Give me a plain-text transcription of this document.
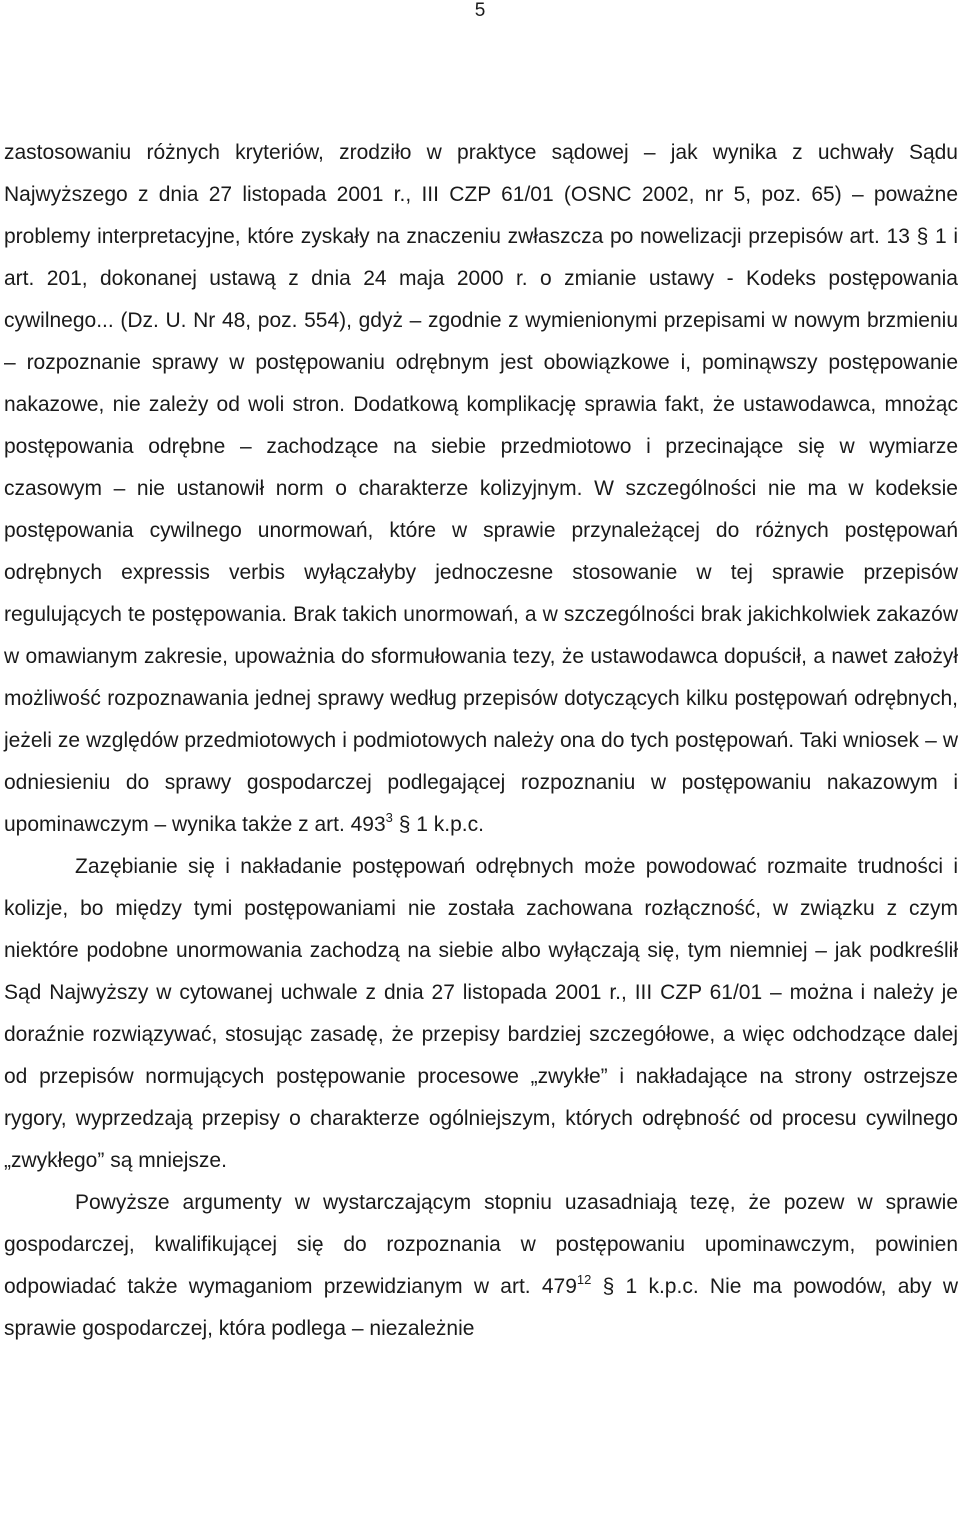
5

zastosowaniu różnych kryteriów, zrodziło w praktyce sądowej – jak wynika z uchwały Sądu Najwyższego z dnia 27 listopada 2001 r., III CZP 61/01 (OSNC 2002, nr 5, poz. 65) – poważne problemy interpretacyjne, które zyskały na znaczeniu zwłaszcza po nowelizacji przepisów art. 13 § 1 i art. 201, dokonanej ustawą z dnia 24 maja 2000 r. o zmianie ustawy - Kodeks postępowania cywilnego... (Dz. U. Nr 48, poz. 554), gdyż – zgodnie z wymienionymi przepisami w nowym brzmieniu – rozpoznanie sprawy w postępowaniu odrębnym jest obowiązkowe i, pominąwszy postępowanie nakazowe, nie zależy od woli stron. Dodatkową komplikację sprawia fakt, że ustawodawca, mnożąc postępowania odrębne – zachodzące na siebie przedmiotowo i przecinające się w wymiarze czasowym – nie ustanowił norm o charakterze kolizyjnym. W szczególności nie ma w kodeksie postępowania cywilnego unormowań, które w sprawie przynależącej do różnych postępowań odrębnych expressis verbis wyłączałyby jednoczesne stosowanie w tej sprawie przepisów regulujących te postępowania. Brak takich unormowań, a w szczególności brak jakichkolwiek zakazów w omawianym zakresie, upoważnia do sformułowania tezy, że ustawodawca dopuścił, a nawet założył możliwość rozpoznawania jednej sprawy według przepisów dotyczących kilku postępowań odrębnych, jeżeli ze względów przedmiotowych i podmiotowych należy ona do tych postępowań. Taki wniosek – w odniesieniu do sprawy gospodarczej podlegającej rozpoznaniu w postępowaniu nakazowym i upominawczym – wynika także z art. $493^3$ § 1 k.p.c.

Zazębianie się i nakładanie postępowań odrębnych może powodować rozmaite trudności i kolizje, bo między tymi postępowaniami nie została zachowana rozłączność, w związku z czym niektóre podobne unormowania zachodzą na siebie albo wyłączają się, tym niemniej – jak podkreślił Sąd Najwyższy w cytowanej uchwale z dnia 27 listopada 2001 r., III CZP 61/01 – można i należy je doraźnie rozwiązywać, stosując zasadę, że przepisy bardziej szczegółowe, a więc odchodzące dalej od przepisów normujących postępowanie procesowe „zwykłe” i nakładające na strony ostrzejsze rygory, wyprzedzają przepisy o charakterze ogólniejszym, których odrębność od procesu cywilnego „zwykłego” są mniejsze.

Powyższe argumenty w wystarczającym stopniu uzasadniają tezę, że pozew w sprawie gospodarczej, kwalifikującej się do rozpoznania w postępowaniu upominawczym, powinien odpowiadać także wymaganiom przewidzianym w art. $479^{12}$ § 1 k.p.c. Nie ma powodów, aby w sprawie gospodarczej, która podlega – niezależnie
